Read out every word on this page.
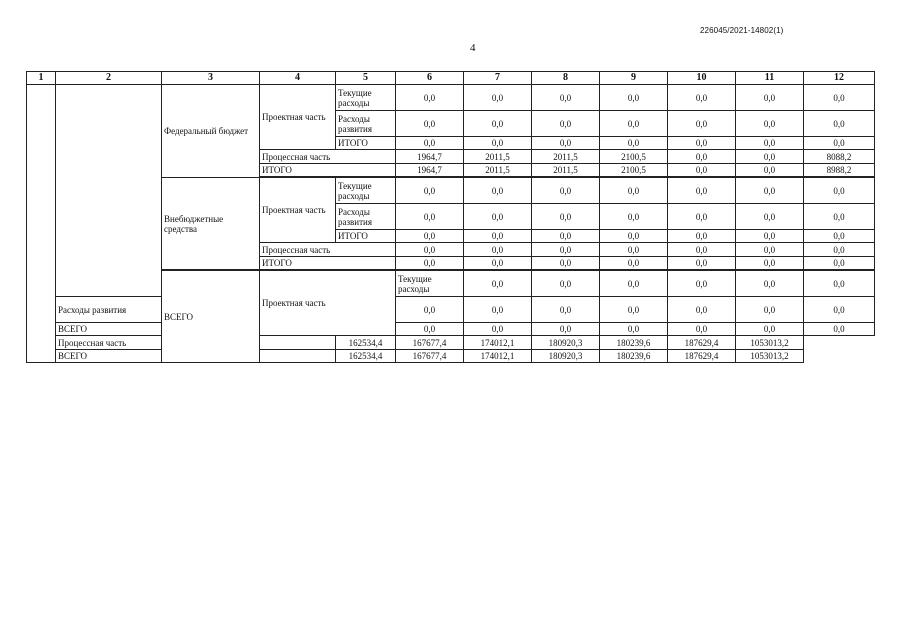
226045/2021-14802(1)
4
1	2	3	4	5	6	7	8	9	10	11	12	
		Федеральный бюджет	Проектная часть	Текущие расходы	0,0	0,0	0,0	0,0	0,0	0,0	0,0	
				Расходы развития	0,0	0,0	0,0	0,0	0,0	0,0	0,0	
				ИТОГО	0,0	0,0	0,0	0,0	0,0	0,0	0,0	
			Процессная часть		1964,7	2011,5	2011,5	2100,5	0,0	0,0	8088,2	
			ИТОГО		1964,7	2011,5	2011,5	2100,5	0,0	0,0	8988,2	

		Внебюджетные средства	Проектная часть	Текущие расходы	0,0	0,0	0,0	0,0	0,0	0,0	0,0	
				Расходы развития	0,0	0,0	0,0	0,0	0,0	0,0	0,0	
				ИТОГО	0,0	0,0	0,0	0,0	0,0	0,0	0,0	
			Процессная часть		0,0	0,0	0,0	0,0	0,0	0,0	0,0	
			ИТОГО		0,0	0,0	0,0	0,0	0,0	0,0	0,0	

		ВСЕГО	Проектная часть		Текущие расходы	0,0	0,0	0,0	0,0	0,0	0,0	
	Расходы развития				0,0	0,0	0,0	0,0	0,0	0,0	0,0	
	ВСЕГО				0,0	0,0	0,0	0,0	0,0	0,0	0,0	
	Процессная часть			162534,4	167677,4	174012,1	180920,3	180239,6	187629,4	1053013,2		
	ВСЕГО			162534,4	167677,4	174012,1	180920,3	180239,6	187629,4	1053013,2		
